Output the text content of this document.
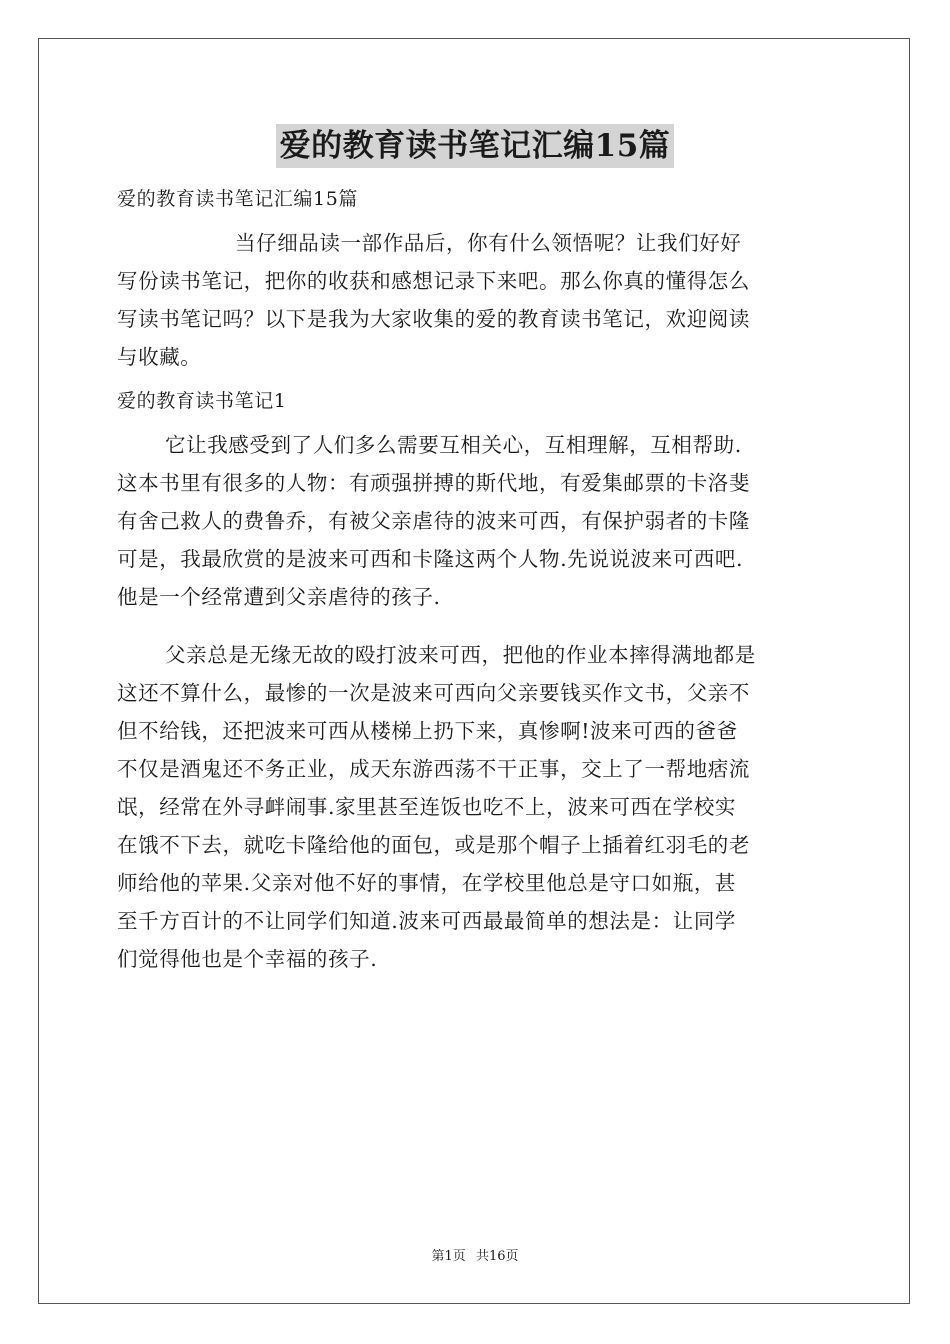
爱的教育读书笔记汇编15篇
爱的教育读书笔记汇编15篇
当仔细品读一部作品后，你有什么领悟呢？让我们好好
写份读书笔记，把你的收获和感想记录下来吧。那么你真的懂得怎么
写读书笔记吗？以下是我为大家收集的爱的教育读书笔记，欢迎阅读
与收藏。
爱的教育读书笔记1
它让我感受到了人们多么需要互相关心，互相理解，互相帮助.
这本书里有很多的人物：有顽强拼搏的斯代地，有爱集邮票的卡洛斐
有舍己救人的费鲁乔，有被父亲虐待的波来可西，有保护弱者的卡隆
可是，我最欣赏的是波来可西和卡隆这两个人物.先说说波来可西吧.
他是一个经常遭到父亲虐待的孩子.
父亲总是无缘无故的殴打波来可西，把他的作业本摔得满地都是
这还不算什么，最惨的一次是波来可西向父亲要钱买作文书，父亲不
但不给钱，还把波来可西从楼梯上扔下来，真惨啊!波来可西的爸爸
不仅是酒鬼还不务正业，成天东游西荡不干正事，交上了一帮地痞流
氓，经常在外寻衅闹事.家里甚至连饭也吃不上，波来可西在学校实
在饿不下去，就吃卡隆给他的面包，或是那个帽子上插着红羽毛的老
师给他的苹果.父亲对他不好的事情，在学校里他总是守口如瓶，甚
至千方百计的不让同学们知道.波来可西最最简单的想法是：让同学
们觉得他也是个幸福的孩子.
第1页 共16页
